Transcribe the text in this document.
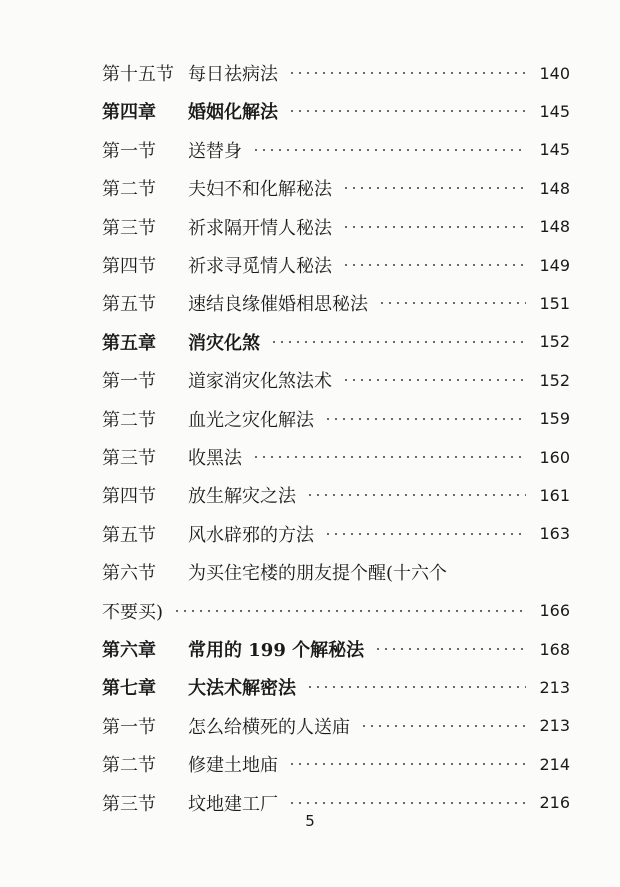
第十五节 每日祛病法	140
第四章	婚姻化解法	145
第一节	送替身	145
第二节	夫妇不和化解秘法	148
第三节	祈求隔开情人秘法	148
第四节	祈求寻觅情人秘法	149
第五节	速结良缘催婚相思秘法	151
第五章	消灾化煞	152
第一节	道家消灾化煞法术	152
第二节	血光之灾化解法	159
第三节	收黑法	160
第四节	放生解灾之法	161
第五节	风水辟邪的方法	163
第六节	为买住宅楼的朋友提个醒(十六个
不要买)	166
第六章	常用的 199 个解秘法	168
第七章	大法术解密法	213
第一节	怎么给横死的人送庙	213
第二节	修建土地庙	214
第三节	坟地建工厂	216
5
